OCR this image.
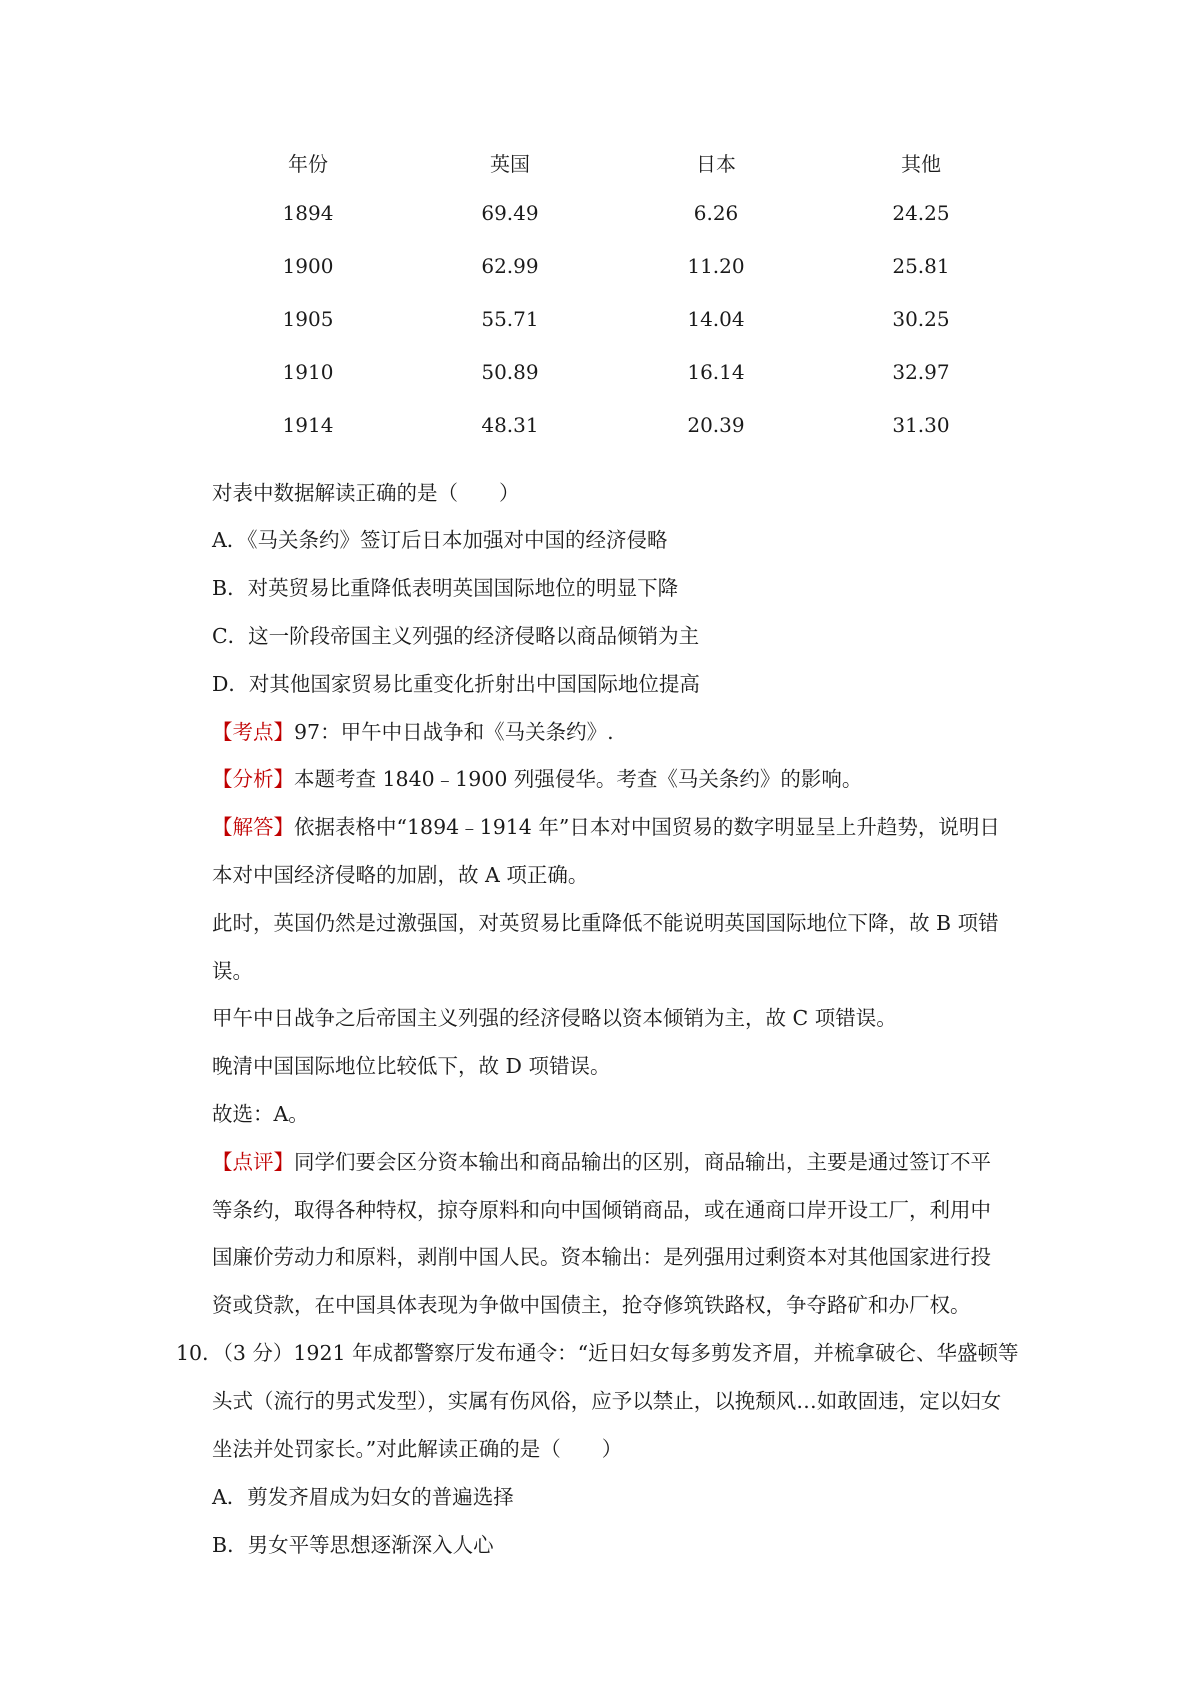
年份	英国	日本	其他
1894	69.49	6.26	24.25
1900	62.99	11.20	25.81
1905	55.71	14.04	30.25
1910	50.89	16.14	32.97
1914	48.31	20.39	31.30
对表中数据解读正确的是（　　）
A．《马关条约》签订后日本加强对中国的经济侵略
B．对英贸易比重降低表明英国国际地位的明显下降
C．这一阶段帝国主义列强的经济侵略以商品倾销为主
D．对其他国家贸易比重变化折射出中国国际地位提高
【考点】97：甲午中日战争和《马关条约》.
【分析】本题考查 1840﹣1900 列强侵华。考查《马关条约》的影响。
【解答】依据表格中“1894﹣1914 年”日本对中国贸易的数字明显呈上升趋势，说明日
本对中国经济侵略的加剧，故 A 项正确。
此时，英国仍然是过激强国，对英贸易比重降低不能说明英国国际地位下降，故 B 项错
误。
甲午中日战争之后帝国主义列强的经济侵略以资本倾销为主，故 C 项错误。
晚清中国国际地位比较低下，故 D 项错误。
故选：A。
【点评】同学们要会区分资本输出和商品输出的区别，商品输出，主要是通过签订不平
等条约，取得各种特权，掠夺原料和向中国倾销商品，或在通商口岸开设工厂，利用中
国廉价劳动力和原料，剥削中国人民。资本输出：是列强用过剩资本对其他国家进行投
资或贷款，在中国具体表现为争做中国债主，抢夺修筑铁路权，争夺路矿和办厂权。
10．（3 分）1921 年成都警察厅发布通令：“近日妇女每多剪发齐眉，并梳拿破仑、华盛顿等
头式（流行的男式发型），实属有伤风俗，应予以禁止，以挽颓风…如敢固违，定以妇女
坐法并处罚家长。”对此解读正确的是（　　）
A．剪发齐眉成为妇女的普遍选择
B．男女平等思想逐渐深入人心
